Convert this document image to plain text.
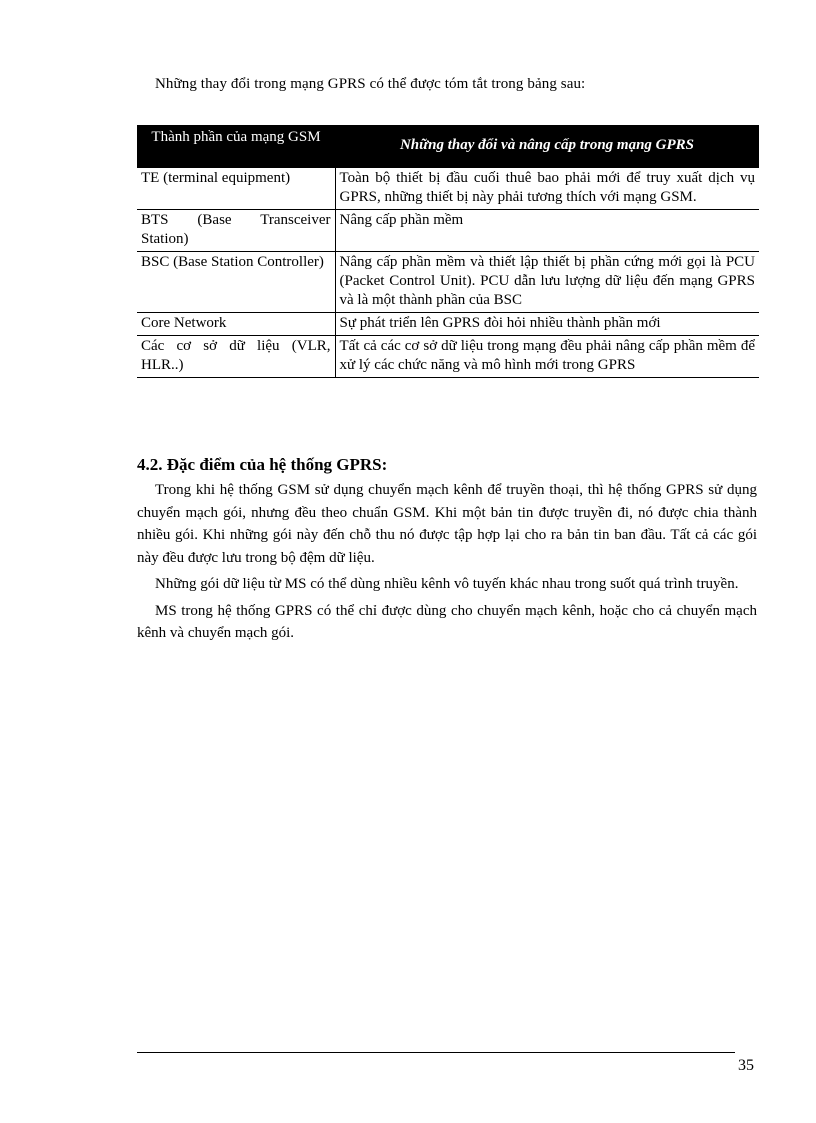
Những thay đổi trong mạng GPRS có thể được tóm tắt trong bảng sau:
Thành phần của mạng GSM	Những thay đổi và nâng cấp trong mạng GPRS
TE (terminal equipment)	Toàn bộ thiết bị đầu cuối thuê bao phải mới để truy xuất dịch vụ GPRS, những thiết bị này phải tương thích với mạng GSM.
BTS (Base Transceiver Station)	Nâng cấp phần mềm
BSC (Base Station Controller)	Nâng cấp phần mềm và thiết lập thiết bị phần cứng mới gọi là PCU (Packet Control Unit). PCU dẫn lưu lượng dữ liệu đến mạng GPRS và là một thành phần của BSC
Core Network	Sự phát triển lên GPRS đòi hỏi nhiều thành phần mới
Các cơ sở dữ liệu (VLR, HLR..)	Tất cả các cơ sở dữ liệu trong mạng đều phải nâng cấp phần mềm để xử lý các chức năng và mô hình mới trong GPRS
4.2. Đặc điểm của hệ thống GPRS:

Trong khi hệ thống GSM sử dụng chuyển mạch kênh để truyền thoại, thì hệ thống GPRS sử dụng chuyển mạch gói, nhưng đều theo chuẩn GSM. Khi một bản tin được truyền đi, nó được chia thành nhiều gói. Khi những gói này đến chỗ thu nó được tập hợp lại cho ra bản tin ban đầu. Tất cả các gói này đều được lưu trong bộ đệm dữ liệu.

Những gói dữ liệu từ MS có thể dùng nhiều kênh vô tuyến khác nhau trong suốt quá trình truyền.

MS trong hệ thống GPRS có thể chỉ được dùng cho chuyển mạch kênh, hoặc cho cả chuyển mạch kênh và chuyển mạch gói.

35
